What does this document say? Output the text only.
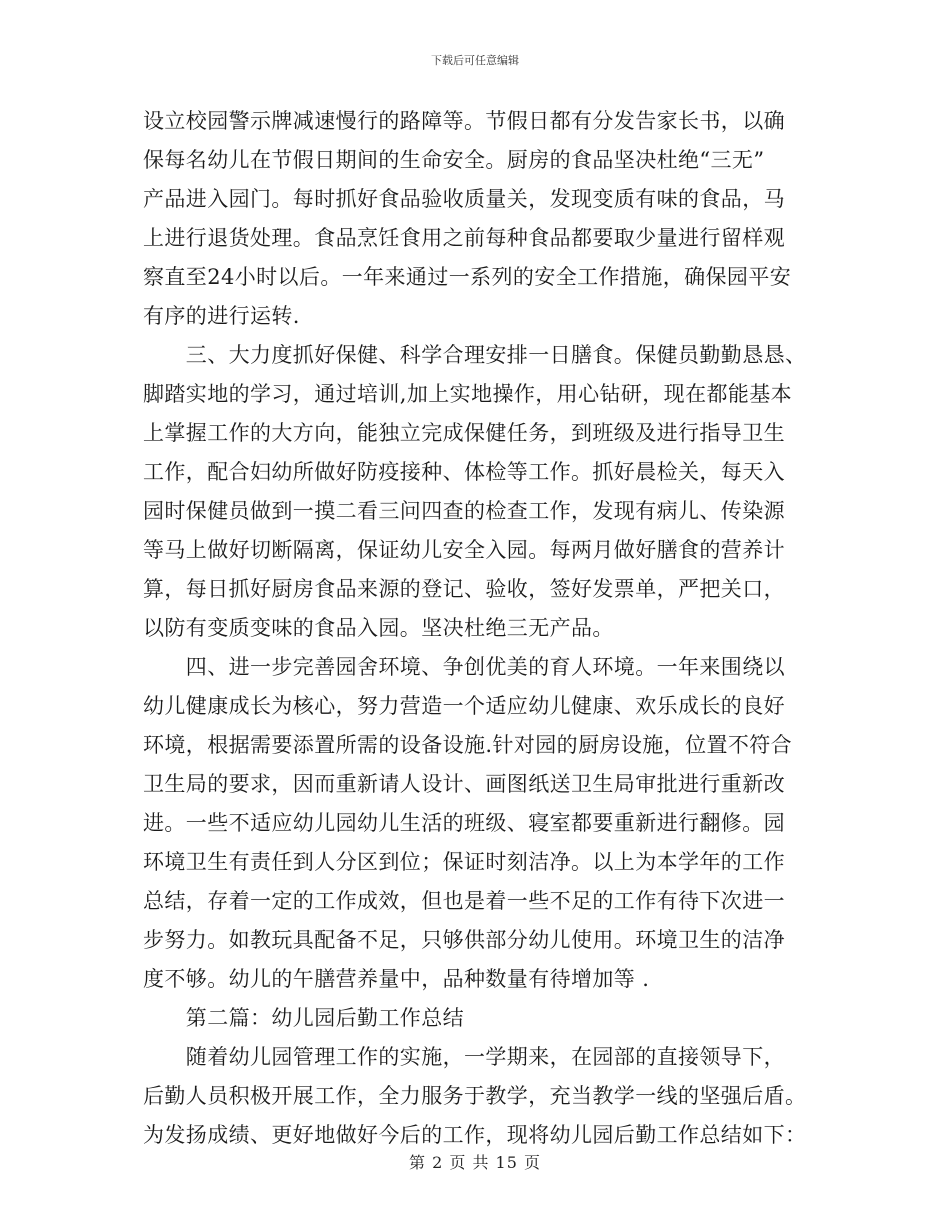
下载后可任意编辑
设立校园警示牌减速慢行的路障等。节假日都有分发告家长书，以确
保每名幼儿在节假日期间的生命安全。厨房的食品坚决杜绝“三无”
产品进入园门。每时抓好食品验收质量关，发现变质有味的食品，马
上进行退货处理。食品烹饪食用之前每种食品都要取少量进行留样观
察直至24小时以后。一年来通过一系列的安全工作措施，确保园平安
有序的进行运转.
　　三、大力度抓好保健、科学合理安排一日膳食。保健员勤勤恳恳、
脚踏实地的学习，通过培训,加上实地操作，用心钻研，现在都能基本
上掌握工作的大方向，能独立完成保健任务，到班级及进行指导卫生
工作，配合妇幼所做好防疫接种、体检等工作。抓好晨检关，每天入
园时保健员做到一摸二看三问四查的检查工作，发现有病儿、传染源
等马上做好切断隔离，保证幼儿安全入园。每两月做好膳食的营养计
算，每日抓好厨房食品来源的登记、验收，签好发票单，严把关口，
以防有变质变味的食品入园。坚决杜绝三无产品。
　　四、进一步完善园舍环境、争创优美的育人环境。一年来围绕以
幼儿健康成长为核心，努力营造一个适应幼儿健康、欢乐成长的良好
环境，根据需要添置所需的设备设施.针对园的厨房设施，位置不符合
卫生局的要求，因而重新请人设计、画图纸送卫生局审批进行重新改
进。一些不适应幼儿园幼儿生活的班级、寝室都要重新进行翻修。园
环境卫生有责任到人分区到位；保证时刻洁净。以上为本学年的工作
总结，存着一定的工作成效，但也是着一些不足的工作有待下次进一
步努力。如教玩具配备不足，只够供部分幼儿使用。环境卫生的洁净
度不够。幼儿的午膳营养量中，品种数量有待增加等 .
　　第二篇：幼儿园后勤工作总结
　　随着幼儿园管理工作的实施，一学期来，在园部的直接领导下，
后勤人员积极开展工作，全力服务于教学，充当教学一线的坚强后盾。
为发扬成绩、更好地做好今后的工作，现将幼儿园后勤工作总结如下：
第 2 页 共 15 页
